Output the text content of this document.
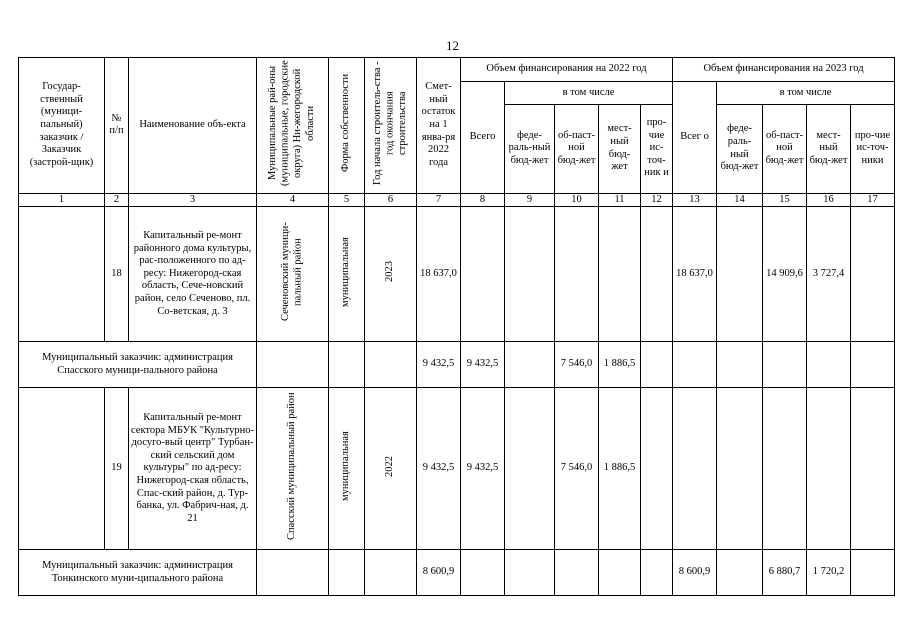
12
Государ-ственный (муници-пальный) заказчик / Заказчик (застрой-щик)	№ п/п	Наименование объ-екта	Муниципальные рай-оны (муниципальные, городские округа) Ни-жегородской области	Форма собственности	Год начала строитель-ства - год окончания строительства	Смет-ный остаток на 1 янва-ря 2022 года	Объем финансирования на 2022 год					Объем финансирования на 2023 год				
							Всего	в том числе				Всег о	в том числе			
								феде-раль-ный бюд-жет	об-паст-ной бюд-жет	мест-ный бюд-жет	про-чие ис-точ-ник и		феде-раль-ный бюд-жет	об-паст-ной бюд-жет	мест-ный бюд-жет	про-чие ис-точ-ники
1	2	3	4	5	6	7	8	9	10	11	12	13	14	15	16	17
	18	Капитальный ре-монт районного дома культуры, рас-положенного по ад-ресу: Нижегород-ская область, Сече-новский район, село Сеченово, пл. Со-ветская, д. 3	Сеченовский муници-пальный район	муниципальная	2023	18 637,0						18 637,0		14 909,6	3 727,4	
Муниципальный заказчик: администрация Спасского муници-пального района						9 432,5	9 432,5		7 546,0	1 886,5						
	19	Капитальный ре-монт сектора МБУК "Культурно-досуго-вый центр" Турбан-ский сельский дом культуры" по ад-ресу: Нижегород-ская область, Спас-ский район, д. Тур-банка, ул. Фабрич-ная, д. 21	Спасский муниципальный район	муниципальная	2022	9 432,5	9 432,5		7 546,0	1 886,5						
Муниципальный заказчик: администрация Тонкинского муни-ципального района						8 600,9						8 600,9		6 880,7	1 720,2	
